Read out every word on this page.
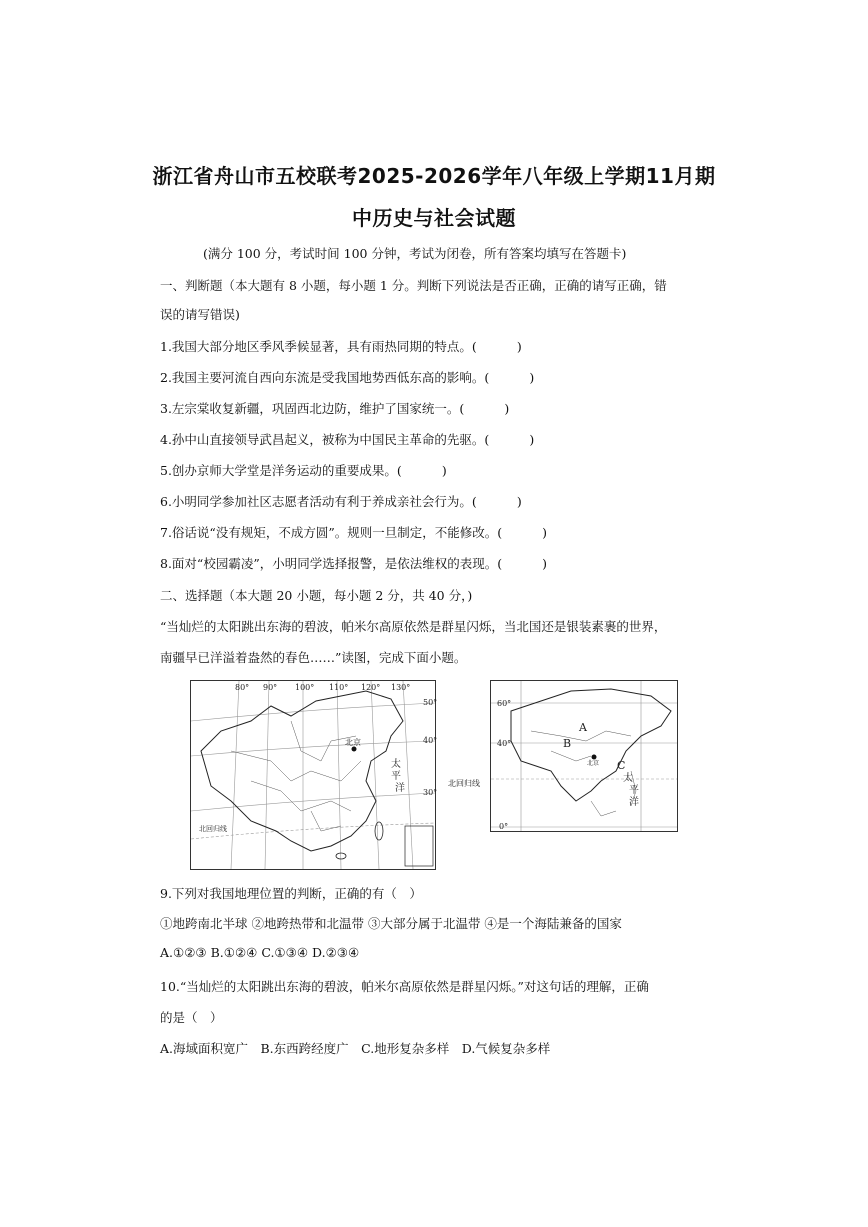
浙江省舟山市五校联考2025-2026学年八年级上学期11月期
中历史与社会试题
(满分 100 分，考试时间 100 分钟，考试为闭卷，所有答案均填写在答题卡)
一、判断题（本大题有 8 小题，每小题 1 分。判断下列说法是否正确，正确的请写正确，错
误的请写错误)
1.我国大部分地区季风季候显著，具有雨热同期的特点。(	)
2.我国主要河流自西向东流是受我国地势西低东高的影响。(	)
3.左宗棠收复新疆，巩固西北边防，维护了国家统一。(	)
4.孙中山直接领导武昌起义，被称为中国民主革命的先驱。(	)
5.创办京师大学堂是洋务运动的重要成果。(	)
6.小明同学参加社区志愿者活动有利于养成亲社会行为。(	)
7.俗话说“没有规矩，不成方圆”。规则一旦制定，不能修改。(	)
8.面对“校园霸凌”，小明同学选择报警，是依法维权的表现。(	)
二、选择题（本大题 20 小题，每小题 2 分，共 40 分，)
“当灿烂的太阳跳出东海的碧波，帕米尔高原依然是群星闪烁，当北国还是银装素裹的世界，
南疆早已洋溢着盎然的春色……”读图，完成下面小题。
80° 90° 100° 110° 120° 130°
50°
40°
30°
北京
北回归线
太
平
洋
60°
40°
0°
北京
A
B
C
太
平
洋
北回归线
9.下列对我国地理位置的判断，正确的有（　）
①地跨南北半球 ②地跨热带和北温带 ③大部分属于北温带 ④是一个海陆兼备的国家
A.①②③ B.①②④ C.①③④ D.②③④
10.“当灿烂的太阳跳出东海的碧波，帕米尔高原依然是群星闪烁。”对这句话的理解，正确
的是（　）
A.海域面积宽广　B.东西跨经度广　C.地形复杂多样　D.气候复杂多样
